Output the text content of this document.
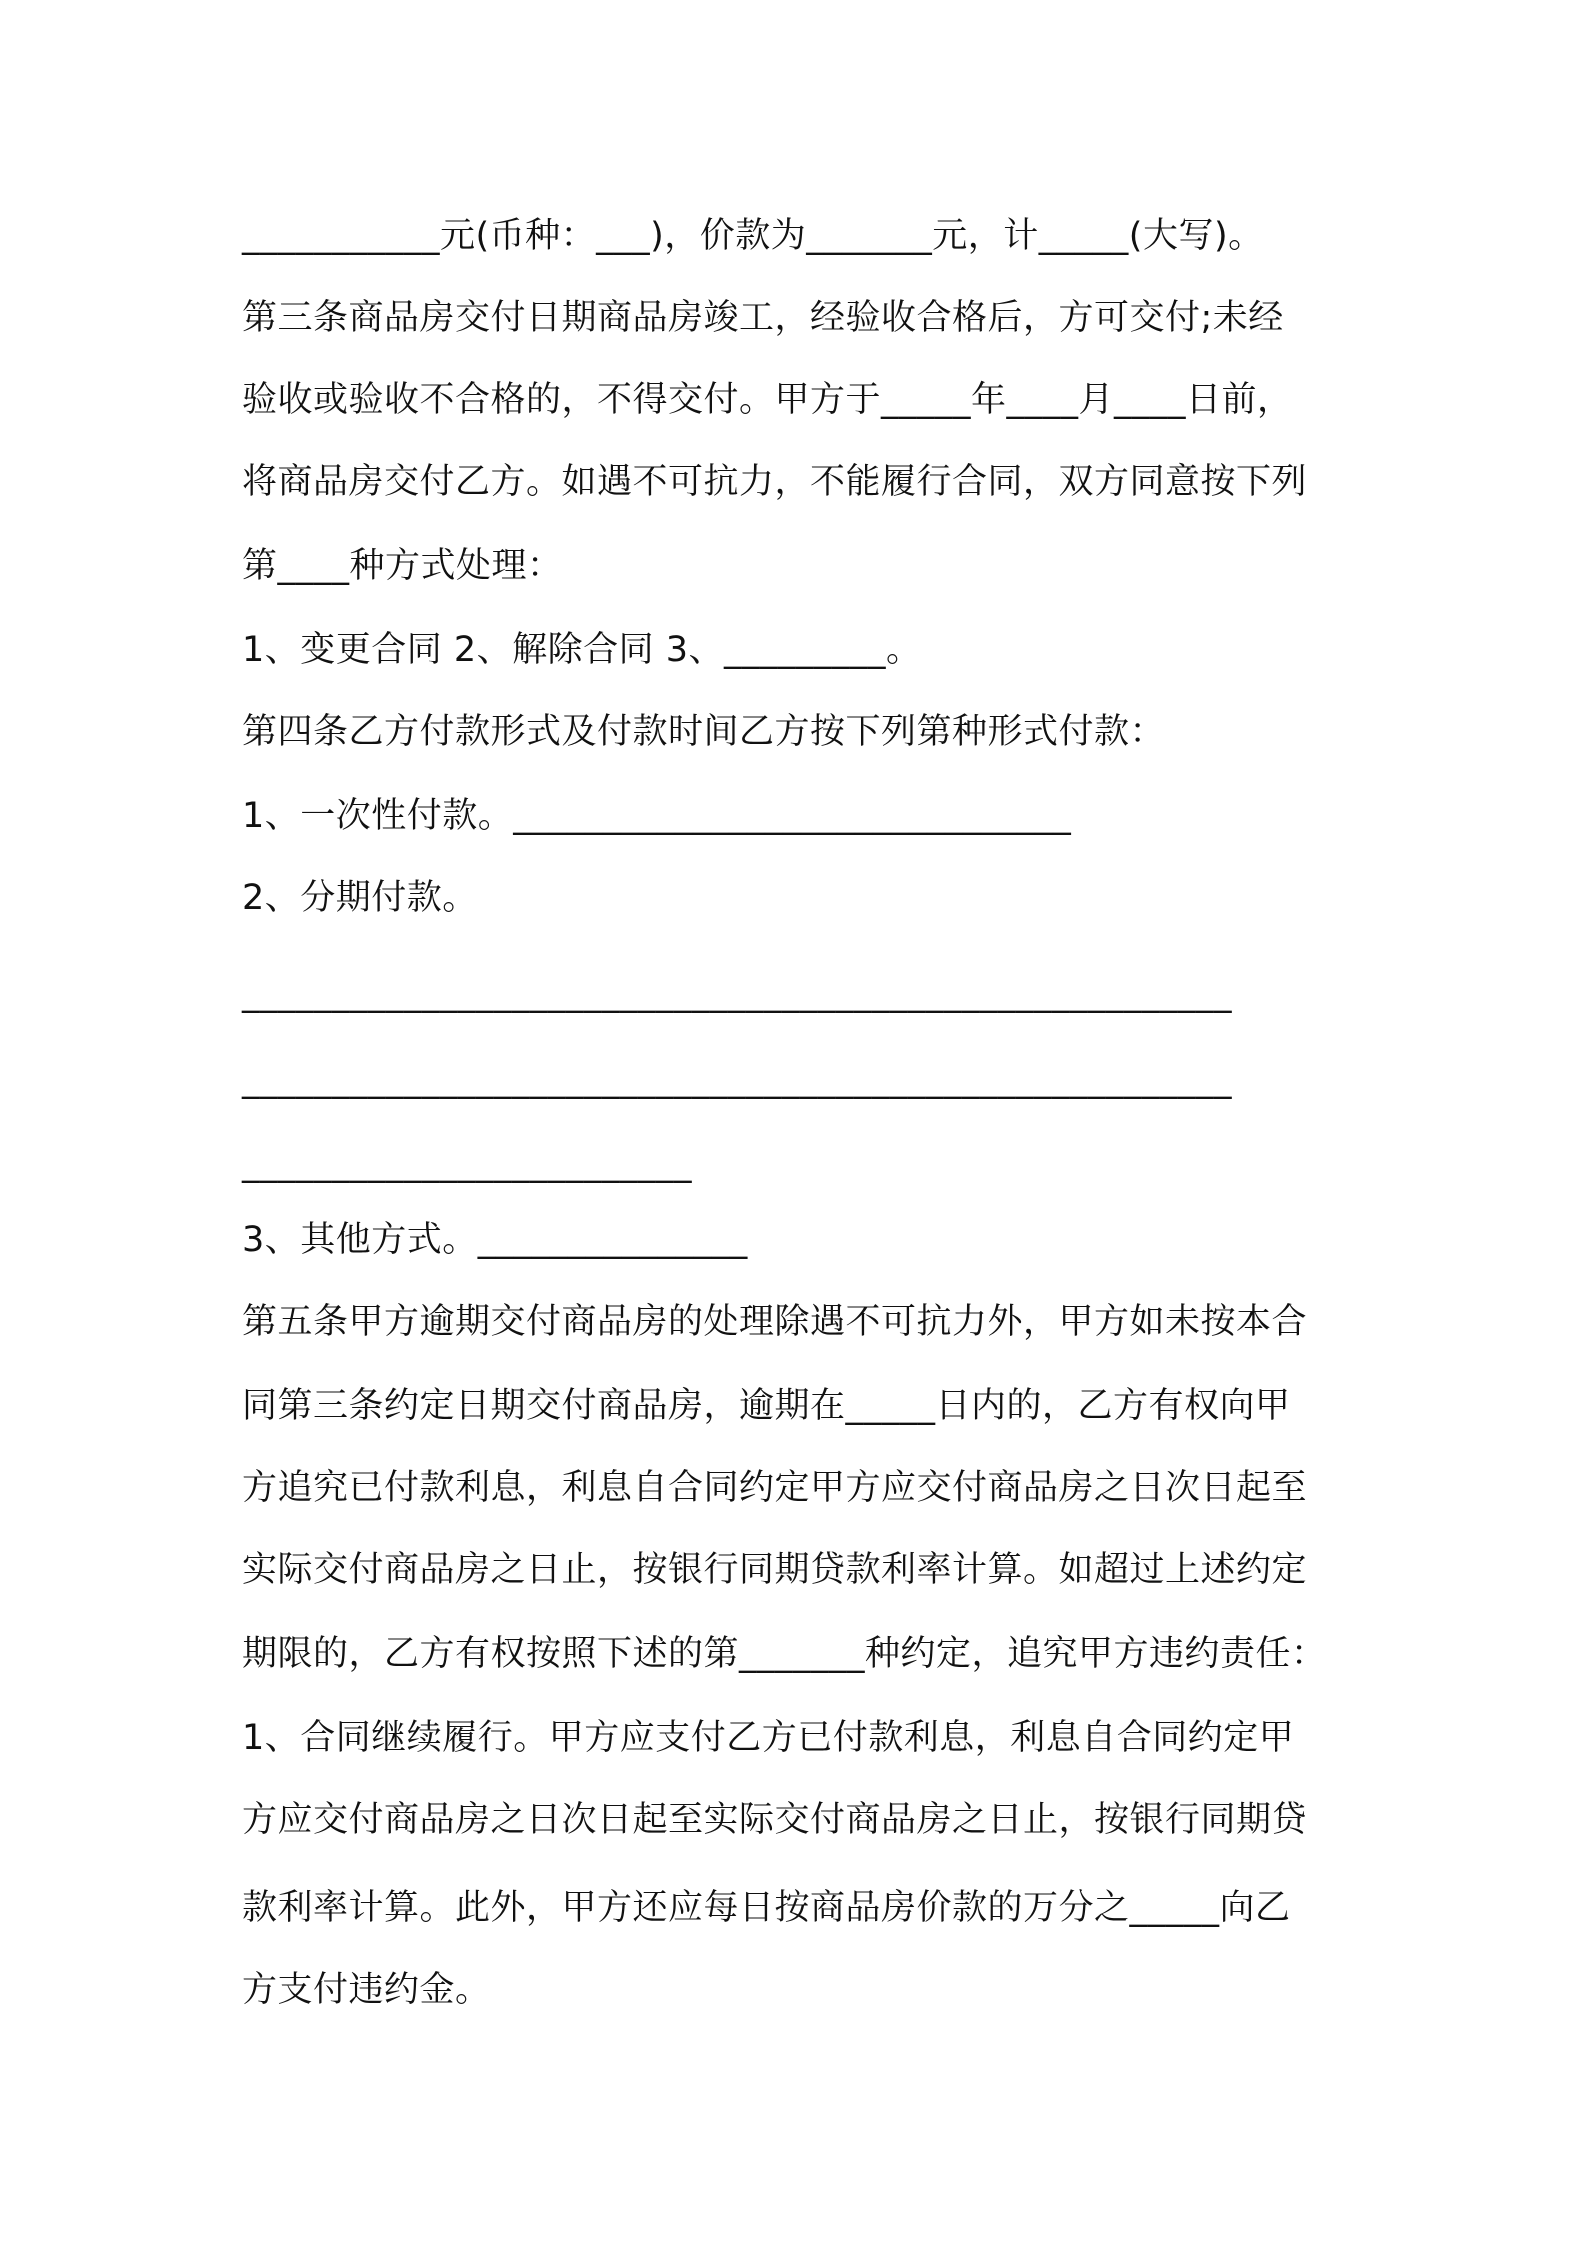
___________元(币种：___)，价款为_______元，计_____(大写)。

第三条商品房交付日期商品房竣工，经验收合格后，方可交付;未经

验收或验收不合格的，不得交付。甲方于_____年____月____日前，

将商品房交付乙方。如遇不可抗力，不能履行合同，双方同意按下列

第____种方式处理：

1、变更合同 2、解除合同 3、_________。

第四条乙方付款形式及付款时间乙方按下列第种形式付款：

1、一次性付款。_______________________________

2、分期付款。

_______________________________________________________

_______________________________________________________

_________________________

3、其他方式。_______________

第五条甲方逾期交付商品房的处理除遇不可抗力外，甲方如未按本合

同第三条约定日期交付商品房，逾期在_____日内的，乙方有权向甲

方追究已付款利息，利息自合同约定甲方应交付商品房之日次日起至

实际交付商品房之日止，按银行同期贷款利率计算。如超过上述约定

期限的，乙方有权按照下述的第_______种约定，追究甲方违约责任：

1、合同继续履行。甲方应支付乙方已付款利息，利息自合同约定甲

方应交付商品房之日次日起至实际交付商品房之日止，按银行同期贷

款利率计算。此外，甲方还应每日按商品房价款的万分之_____向乙

方支付违约金。
